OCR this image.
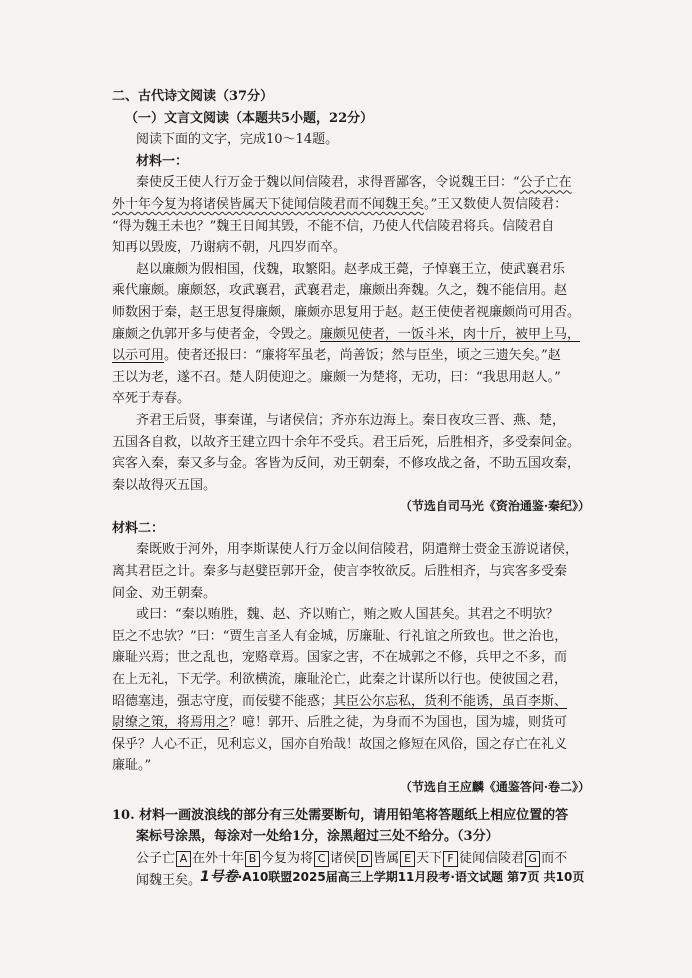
二、古代诗文阅读（37分）
（一）文言文阅读（本题共5小题，22分）
阅读下面的文字，完成10～14题。
材料一：
秦使反王使人行万金于魏以间信陵君，求得晋鄙客，令说魏王曰：“公子亡在
外十年今复为将诸侯皆属天下徒闻信陵君而不闻魏王矣。”王又数使人贺信陵君：
“得为魏王未也？”魏王日闻其毁，不能不信，乃使人代信陵君将兵。信陵君自
知再以毁废，乃谢病不朝，凡四岁而卒。
赵以廉颇为假相国，伐魏，取繁阳。赵孝成王薨，子悼襄王立，使武襄君乐
乘代廉颇。廉颇怒，攻武襄君，武襄君走，廉颇出奔魏。久之，魏不能信用。赵
师数困于秦，赵王思复得廉颇，廉颇亦思复用于赵。赵王使使者视廉颇尚可用否。
廉颇之仇郭开多与使者金，令毁之。廉颇见使者，一饭斗米，肉十斤，被甲上马，
以示可用。使者还报曰：“廉将军虽老，尚善饭；然与臣坐，顷之三遗矢矣。”赵
王以为老，遂不召。楚人阴使迎之。廉颇一为楚将，无功，曰：“我思用赵人。”
卒死于寿春。
齐君王后贤，事秦谨，与诸侯信；齐亦东边海上。秦日夜攻三晋、燕、楚，
五国各自救，以故齐王建立四十余年不受兵。君王后死，后胜相齐，多受秦间金。
宾客入秦，秦又多与金。客皆为反间，劝王朝秦，不修攻战之备，不助五国攻秦，
秦以故得灭五国。
（节选自司马光《资治通鉴·秦纪》）
材料二：
秦既败于河外，用李斯谋使人行万金以间信陵君，阴遣辩士赍金玉游说诸侯，
离其君臣之计。秦多与赵嬖臣郭开金，使言李牧欲反。后胜相齐，与宾客多受秦
间金、劝王朝秦。
或曰：“秦以贿胜，魏、赵、齐以贿亡，贿之败人国甚矣。其君之不明欤？
臣之不忠欤？”曰：“贾生言圣人有金城，厉廉耻、行礼谊之所致也。世之治也，
廉耻兴焉；世之乱也，宠赂章焉。国家之害，不在城郭之不修，兵甲之不多，而
在上无礼，下无学。利欲横流，廉耻沦亡，此秦之计谋所以行也。使彼国之君，
昭德塞违，强志守度，而佞嬖不能惑；其臣公尔忘私，货利不能诱，虽百李斯、
尉缭之策，将焉用之？噫！郭开、后胜之徒，为身而不为国也，国为墟，则货可
保乎？人心不正，见利忘义，国亦自殆哉！故国之修短在风俗，国之存亡在礼义
廉耻。”
（节选自王应麟《通鉴答问·卷二》）
10. 材料一画波浪线的部分有三处需要断句，请用铅笔将答题纸上相应位置的答
案标号涂黑，每涂对一处给1分，涂黑超过三处不给分。（3分）
公子亡 A 在外十年 B 今复为将 C 诸侯 D 皆属 E 天下 F 徒闻信陵君 G 而不
闻魏王矣。
1号卷·A10联盟2025届高三上学期11月段考·语文试题 第7页 共10页
